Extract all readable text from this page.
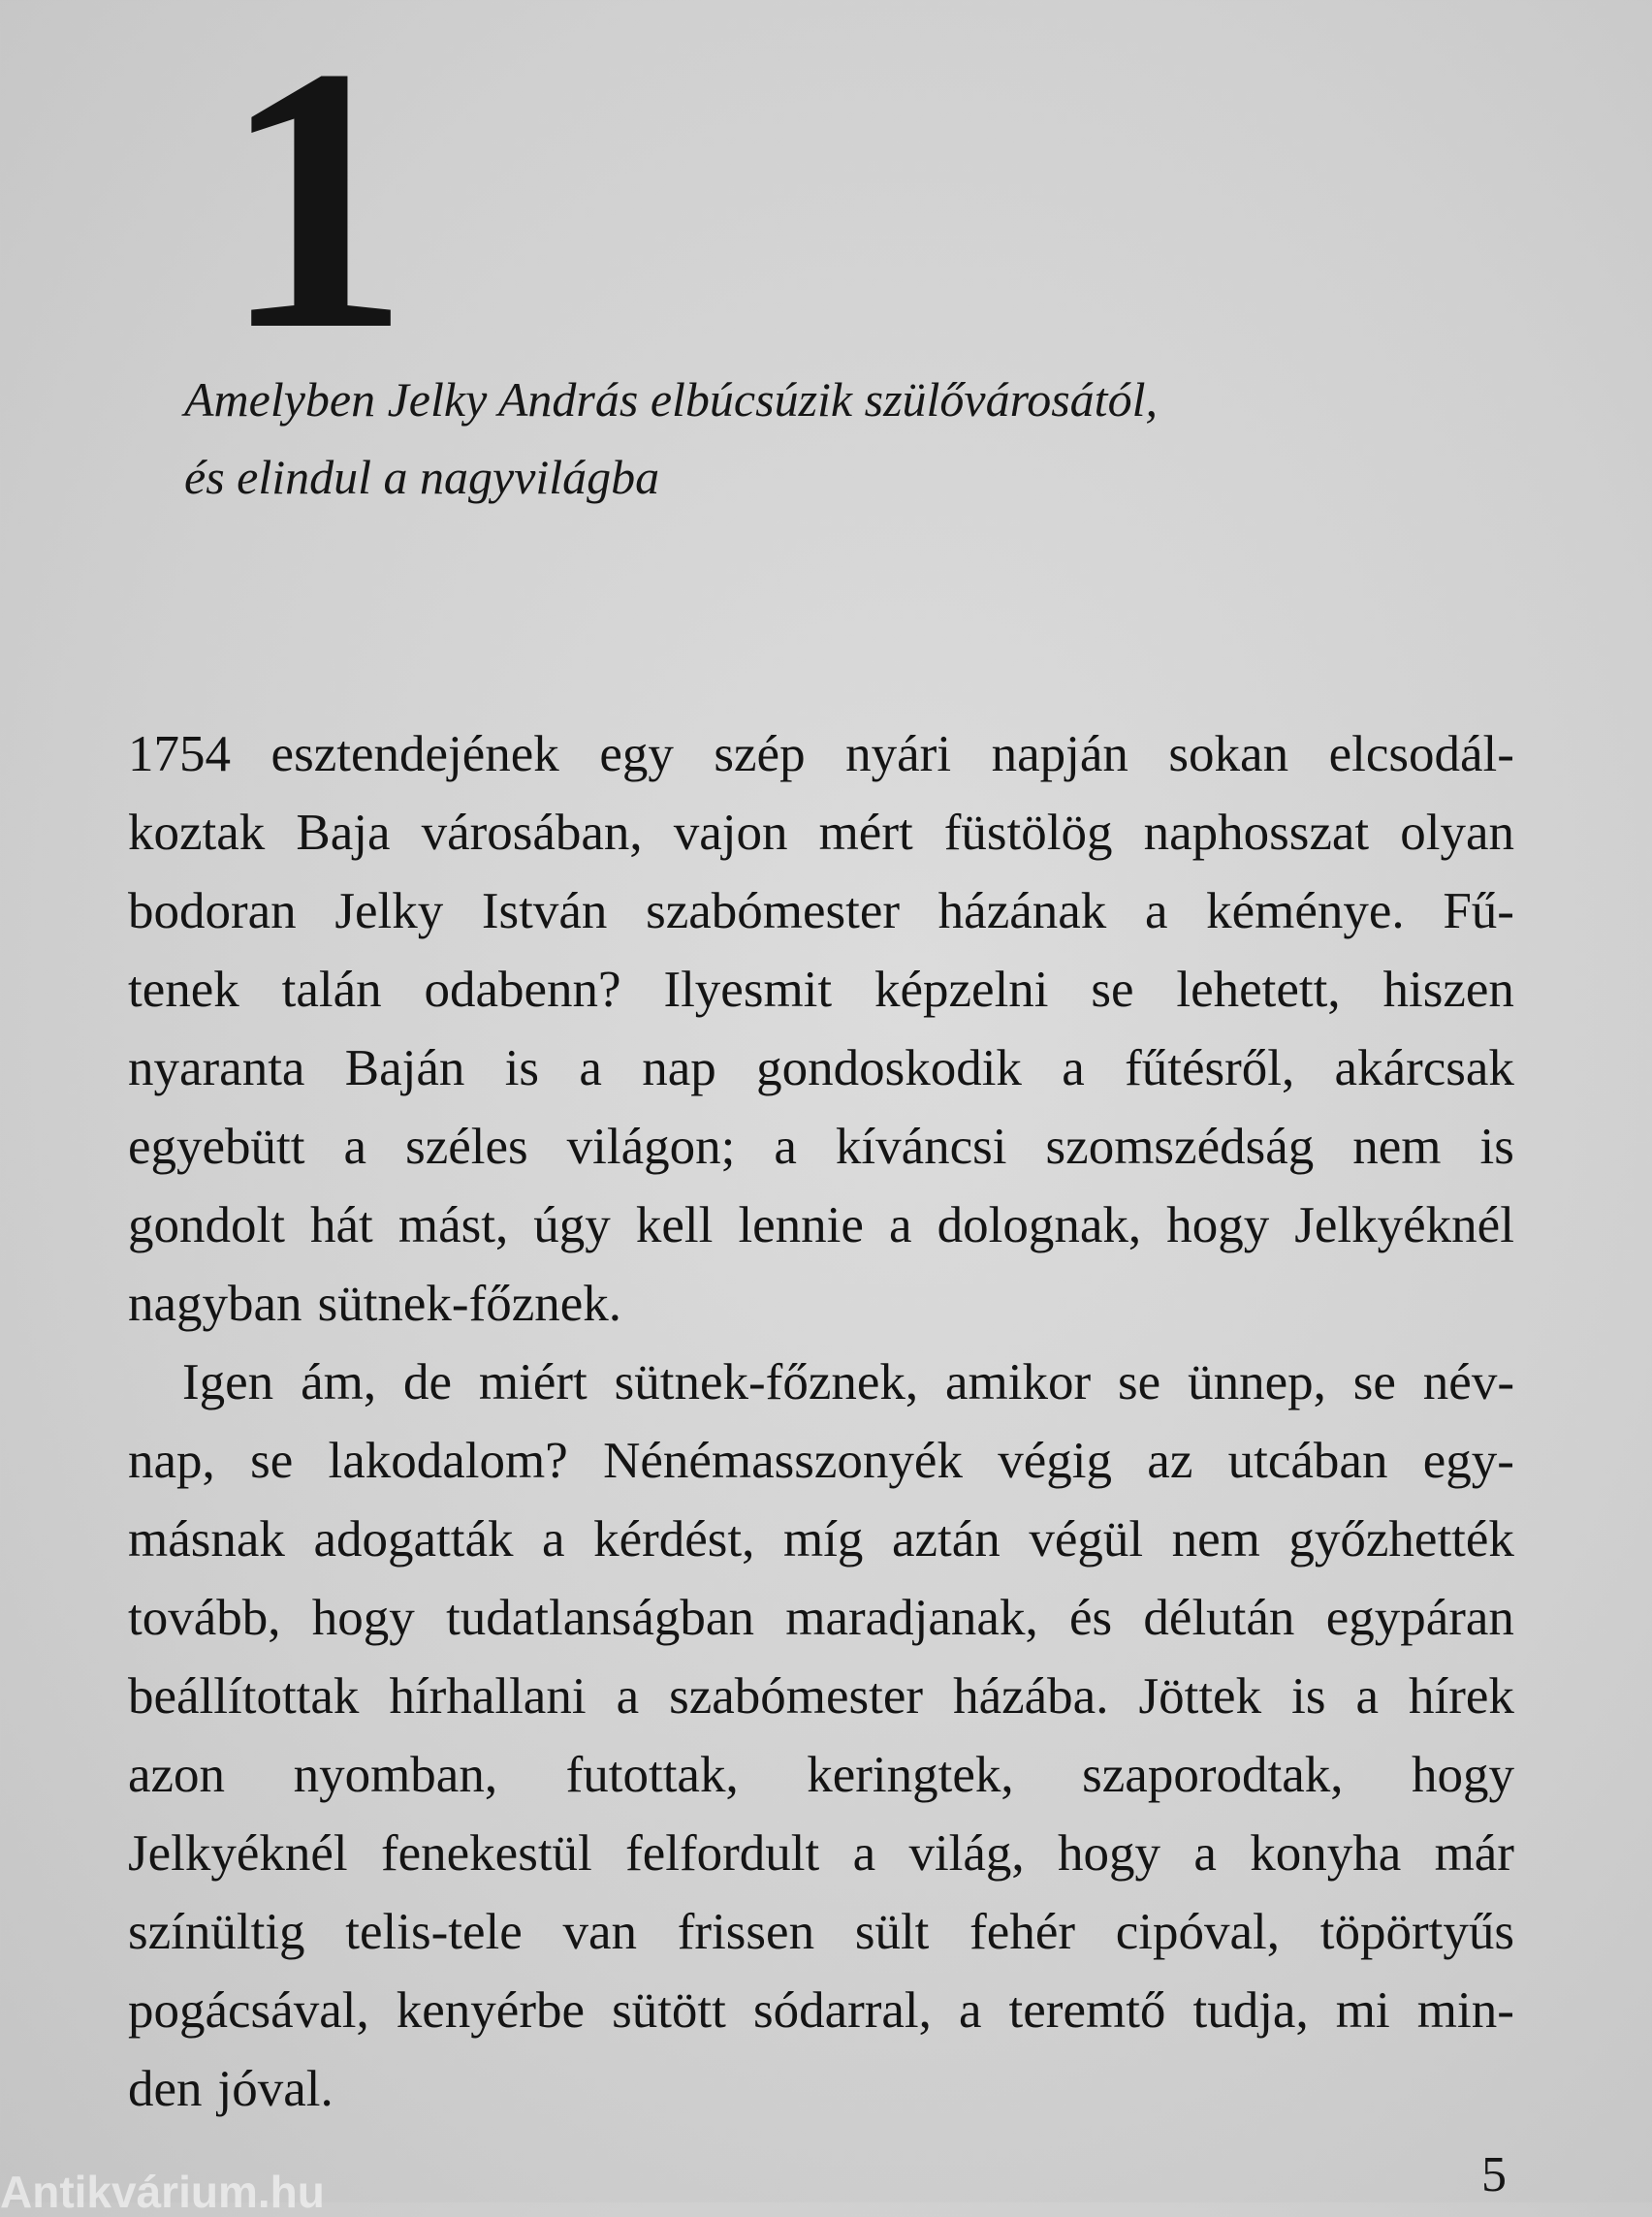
1
Amelyben Jelky András elbúcsúzik szülővárosától,
és elindul a nagyvilágba
1754 esztendejének egy szép nyári napján sokan elcsodál-
koztak Baja városában, vajon mért füstölög naphosszat olyan
bodoran Jelky István szabómester házának a kéménye. Fű-
tenek talán odabenn? Ilyesmit képzelni se lehetett, hiszen
nyaranta Baján is a nap gondoskodik a fűtésről, akárcsak
egyebütt a széles világon; a kíváncsi szomszédság nem is
gondolt hát mást, úgy kell lennie a dolognak, hogy Jelkyéknél
nagyban sütnek-főznek.
Igen ám, de miért sütnek-főznek, amikor se ünnep, se név-
nap, se lakodalom? Nénémasszonyék végig az utcában egy-
másnak adogatták a kérdést, míg aztán végül nem győzhették
tovább, hogy tudatlanságban maradjanak, és délután egypáran
beállítottak hírhallani a szabómester házába. Jöttek is a hírek
azon nyomban, futottak, keringtek, szaporodtak, hogy
Jelkyéknél fenekestül felfordult a világ, hogy a konyha már
színültig telis-tele van frissen sült fehér cipóval, töpörtyűs
pogácsával, kenyérbe sütött sódarral, a teremtő tudja, mi min-
den jóval.
5
Antikvárium.hu
